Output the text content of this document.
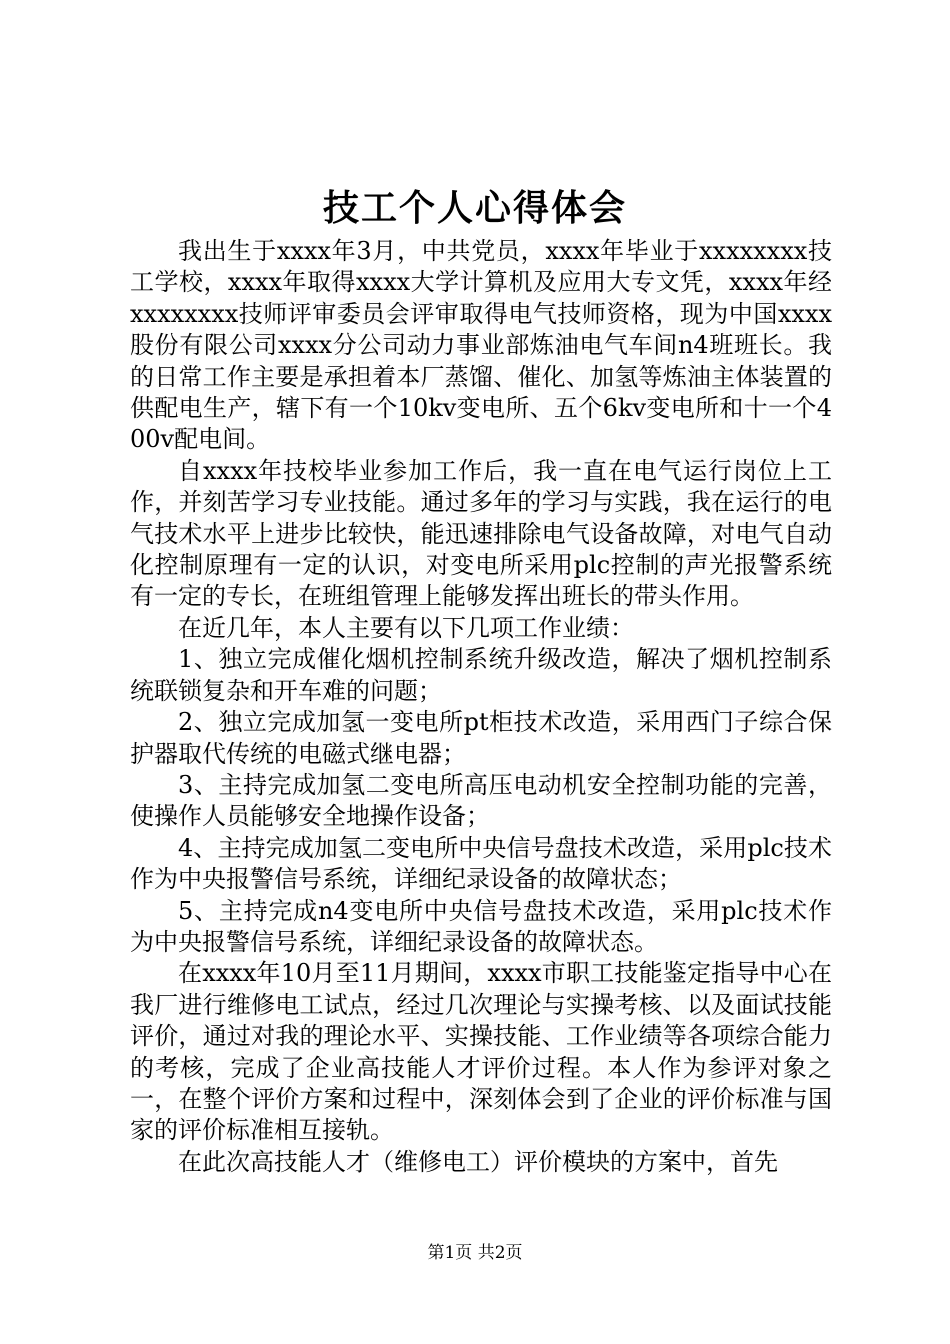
技工个人心得体会

我出生于xxxx年3月，中共党员，xxxx年毕业于xxxxxxxx技工学校，xxxx年取得xxxx大学计算机及应用大专文凭，xxxx年经xxxxxxxx技师评审委员会评审取得电气技师资格，现为中国xxxx股份有限公司xxxx分公司动力事业部炼油电气车间n4班班长。我的日常工作主要是承担着本厂蒸馏、催化、加氢等炼油主体装置的供配电生产，辖下有一个10kv变电所、五个6kv变电所和十一个400v配电间。

自xxxx年技校毕业参加工作后，我一直在电气运行岗位上工作，并刻苦学习专业技能。通过多年的学习与实践，我在运行的电气技术水平上进步比较快，能迅速排除电气设备故障，对电气自动化控制原理有一定的认识，对变电所采用plc控制的声光报警系统有一定的专长，在班组管理上能够发挥出班长的带头作用。

在近几年，本人主要有以下几项工作业绩：

1、独立完成催化烟机控制系统升级改造，解决了烟机控制系统联锁复杂和开车难的问题；

2、独立完成加氢一变电所pt柜技术改造，采用西门子综合保护器取代传统的电磁式继电器；

3、主持完成加氢二变电所高压电动机安全控制功能的完善，使操作人员能够安全地操作设备；

4、主持完成加氢二变电所中央信号盘技术改造，采用plc技术作为中央报警信号系统，详细纪录设备的故障状态；

5、主持完成n4变电所中央信号盘技术改造，采用plc技术作为中央报警信号系统，详细纪录设备的故障状态。

在xxxx年10月至11月期间，xxxx市职工技能鉴定指导中心在我厂进行维修电工试点，经过几次理论与实操考核、以及面试技能评价，通过对我的理论水平、实操技能、工作业绩等各项综合能力的考核，完成了企业高技能人才评价过程。本人作为参评对象之一，在整个评价方案和过程中，深刻体会到了企业的评价标准与国家的评价标准相互接轨。

在此次高技能人才（维修电工）评价模块的方案中，首先

第1页 共2页
